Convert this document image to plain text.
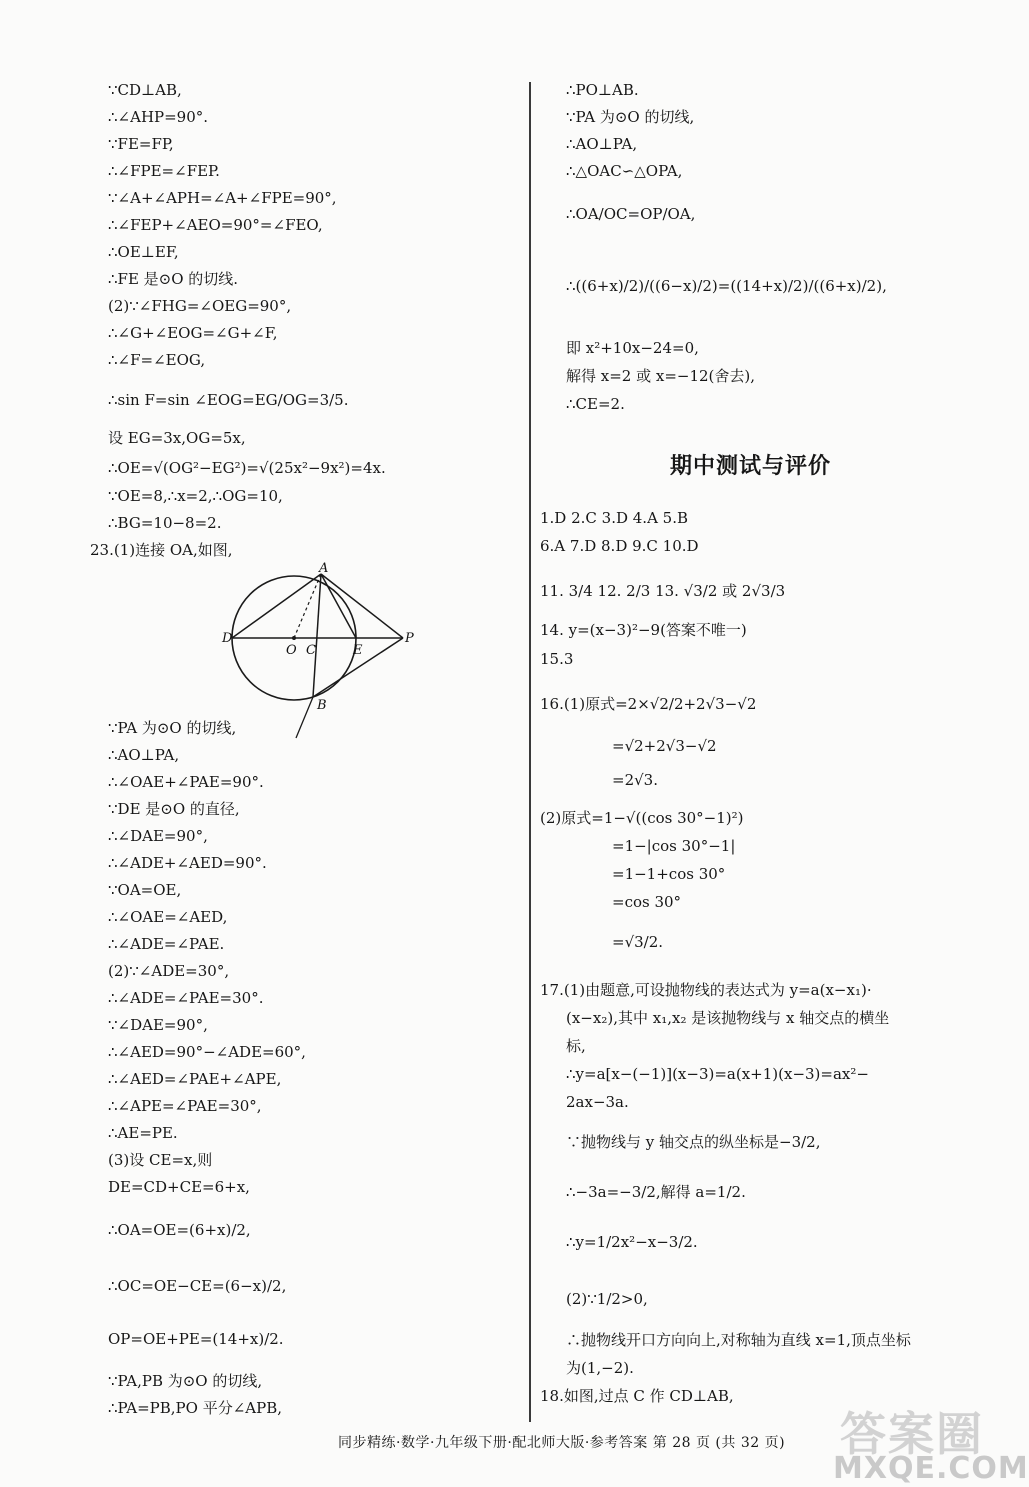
∵CD⊥AB,
∴∠AHP=90°.
∵FE=FP,
∴∠FPE=∠FEP.
∵∠A+∠APH=∠A+∠FPE=90°,
∴∠FEP+∠AEO=90°=∠FEO,
∴OE⊥EF,
∴FE 是⊙O 的切线.
(2)∵∠FHG=∠OEG=90°,
∴∠G+∠EOG=∠G+∠F,
∴∠F=∠EOG,
∴sin F=sin ∠EOG=EG/OG=3/5.
设 EG=3x,OG=5x,
∴OE=√(OG²−EG²)=√(25x²−9x²)=4x.
∵OE=8,∴x=2,∴OG=10,
∴BG=10−8=2.
23.(1)连接 OA,如图,
A
B
C
D
E
O
P
∵PA 为⊙O 的切线,
∴AO⊥PA,
∴∠OAE+∠PAE=90°.
∵DE 是⊙O 的直径,
∴∠DAE=90°,
∴∠ADE+∠AED=90°.
∵OA=OE,
∴∠OAE=∠AED,
∴∠ADE=∠PAE.
(2)∵∠ADE=30°,
∴∠ADE=∠PAE=30°.
∵∠DAE=90°,
∴∠AED=90°−∠ADE=60°,
∴∠AED=∠PAE+∠APE,
∴∠APE=∠PAE=30°,
∴AE=PE.
(3)设 CE=x,则
DE=CD+CE=6+x,
∴OA=OE=(6+x)/2,
∴OC=OE−CE=(6−x)/2,
OP=OE+PE=(14+x)/2.
∵PA,PB 为⊙O 的切线,
∴PA=PB,PO 平分∠APB,
∴PO⊥AB.
∵PA 为⊙O 的切线,
∴AO⊥PA,
∴△OAC∽△OPA,
∴OA/OC=OP/OA,
∴((6+x)/2)/((6−x)/2)=((14+x)/2)/((6+x)/2),
即 x²+10x−24=0,
解得 x=2 或 x=−12(舍去),
∴CE=2.
期中测试与评价
1.D 2.C 3.D 4.A 5.B
6.A 7.D 8.D 9.C 10.D
11. 3/4 12. 2/3 13. √3/2 或 2√3/3
14. y=(x−3)²−9(答案不唯一)
15.3
16.(1)原式=2×√2/2+2√3−√2
=√2+2√3−√2
=2√3.
(2)原式=1−√((cos 30°−1)²)
=1−|cos 30°−1|
=1−1+cos 30°
=cos 30°
=√3/2.
17.(1)由题意,可设抛物线的表达式为 y=a(x−x₁)·
(x−x₂),其中 x₁,x₂ 是该抛物线与 x 轴交点的横坐
标,
∴y=a[x−(−1)](x−3)=a(x+1)(x−3)=ax²−
2ax−3a.
∵抛物线与 y 轴交点的纵坐标是−3/2,
∴−3a=−3/2,解得 a=1/2.
∴y=1/2x²−x−3/2.
(2)∵1/2>0,
∴抛物线开口方向向上,对称轴为直线 x=1,顶点坐标
为(1,−2).
18.如图,过点 C 作 CD⊥AB,
同步精练·数学·九年级下册·配北师大版·参考答案 第 28 页 (共 32 页) 答案圈
MXQE.COM
